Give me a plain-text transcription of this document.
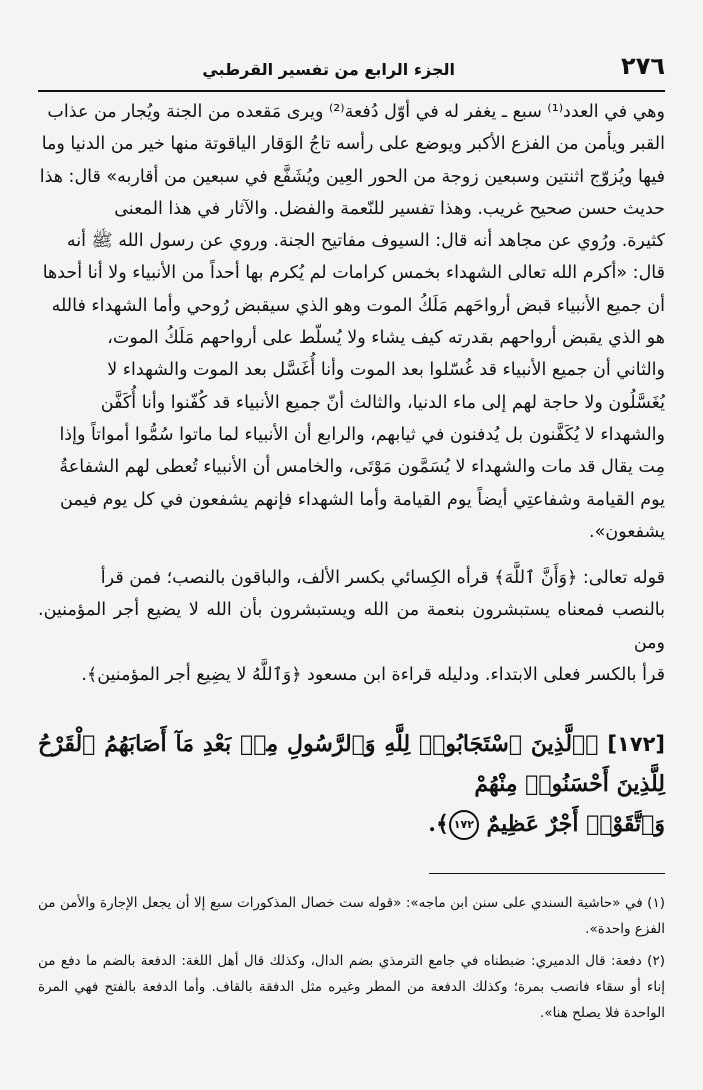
٢٧٦
الجزء الرابع من تفسير القرطبي

وهي في العدد⁽¹⁾ سبع ـ يغفر له في أوّل دُفعة⁽²⁾ ويرى مَقعده من الجنة ويُجار من عذاب

القبر ويأمن من الفزع الأكبر ويوضع على رأسه تاجُ الوَقار الياقوتة منها خير من الدنيا وما

فيها ويُزوّج اثنتين وسبعين زوجة من الحور العِين ويُشَفَّع في سبعين من أقاربه» قال: هذا

حديث حسن صحيح غريب. وهذا تفسير للنّعمة والفضل. والآثار في هذا المعنى

كثيرة. ورُوي عن مجاهد أنه قال: السيوف مفاتيح الجنة. وروي عن رسول الله ﷺ أنه

قال: «أكرم الله تعالى الشهداء بخمس كرامات لم يُكرم بها أحداً من الأنبياء ولا أنا أحدها

أن جميع الأنبياء قبض أرواحَهم مَلَكُ الموت وهو الذي سيقبض رُوحي وأما الشهداء فالله

هو الذي يقبض أرواحهم بقدرته كيف يشاء ولا يُسلّط على أرواحهم مَلَكُ الموت،

والثاني أن جميع الأنبياء قد غُسّلوا بعد الموت وأنا أُغَسَّل بعد الموت والشهداء لا

يُغَسَّلُون ولا حاجة لهم إلى ماء الدنيا، والثالث أنّ جميع الأنبياء قد كُفّنوا وأنا أُكَفَّن

والشهداء لا يُكَفَّنون بل يُدفنون في ثيابهم، والرابع أن الأنبياء لما ماتوا سُمُّوا أمواتاً وإذا

مِت يقال قد مات والشهداء لا يُسَمَّون مَوْتَى، والخامس أن الأنبياء تُعطى لهم الشفاعةُ

يوم القيامة وشفاعتِي أيضاً يوم القيامة وأما الشهداء فإنهم يشفعون في كل يوم فيمن

يشفعون».

قوله تعالى: ﴿وَأَنَّ ٱللَّهَ﴾ قرأه الكِسائي بكسر الألف، والباقون بالنصب؛ فمن قرأ

بالنصب فمعناه يستبشرون بنعمة من الله ويستبشرون بأن الله لا يضيع أجر المؤمنين. ومن

قرأ بالكسر فعلى الابتداء. ودليله قراءة ابن مسعود ﴿وَٱللَّهُ لا يضِيع أجر المؤمنين﴾.

[١٧٢] ﴿ٱلَّذِينَ ٱسْتَجَابُوا۟ لِلَّهِ وَٱلرَّسُولِ مِنۢ بَعْدِ مَآ أَصَابَهُمُ ٱلْقَرْحُ لِلَّذِينَ أَحْسَنُوا۟ مِنْهُمْ
وَٱتَّقَوْا۟ أَجْرٌ عَظِيمٌ ١٧٢﴾.

(١) في «حاشية السندي على سنن ابن ماجه»: «قوله ست خصال المذكورات سبع إلا أن يجعل الإجارة والأمن من الفزع واحدة».

(٢) دفعة: قال الدميري: ضبطناه في جامع الترمذي بضم الدال، وكذلك قال أهل اللغة: الدفعة بالضم ما دفع من إناء أو سقاء فانصب بمرة؛ وكذلك الدفعة من المطر وغيره مثل الدفقة بالقاف. وأما الدفعة بالفتح فهي المرة الواحدة فلا يصلح هنا».
